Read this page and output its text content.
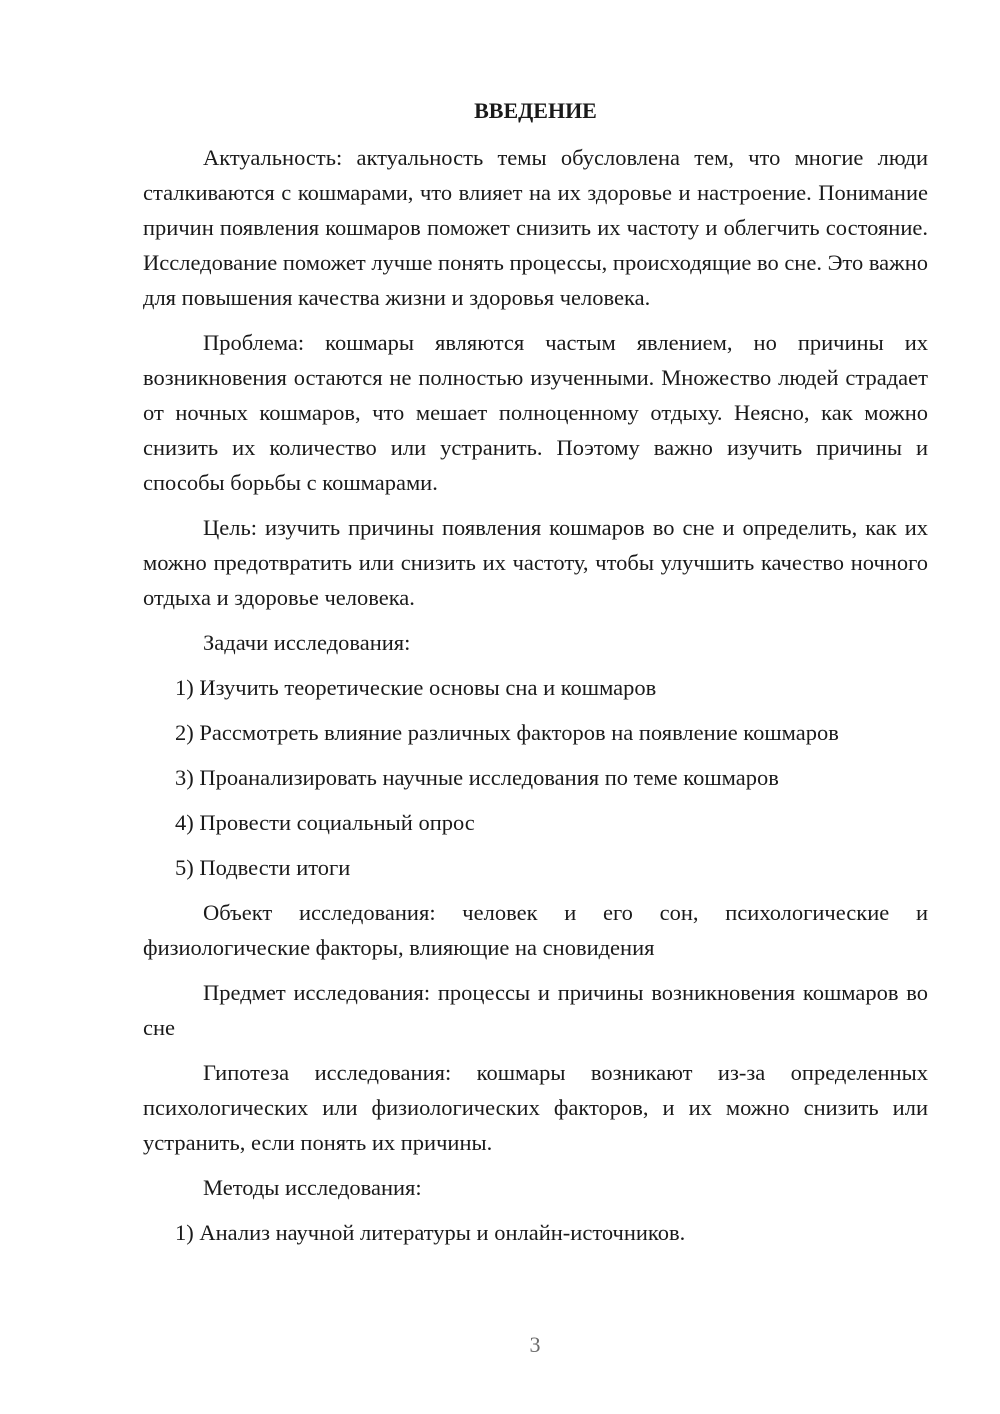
ВВЕДЕНИЕ

Актуальность: актуальность темы обусловлена тем, что многие люди сталкиваются с кошмарами, что влияет на их здоровье и настроение. Понимание причин появления кошмаров поможет снизить их частоту и облегчить состояние. Исследование поможет лучше понять процессы, происходящие во сне. Это важно для повышения качества жизни и здоровья человека.

Проблема: кошмары являются частым явлением, но причины их возникновения остаются не полностью изученными. Множество людей страдает от ночных кошмаров, что мешает полноценному отдыху. Неясно, как можно снизить их количество или устранить. Поэтому важно изучить причины и способы борьбы с кошмарами.

Цель: изучить причины появления кошмаров во сне и определить, как их можно предотвратить или снизить их частоту, чтобы улучшить качество ночного отдыха и здоровье человека.

Задачи исследования:

1) Изучить теоретические основы сна и кошмаров

2) Рассмотреть влияние различных факторов на появление кошмаров

3) Проанализировать научные исследования по теме кошмаров

4) Провести социальный опрос

5) Подвести итоги

Объект исследования: человек и его сон, психологические и физиологические факторы, влияющие на сновидения

Предмет исследования: процессы и причины возникновения кошмаров во сне

Гипотеза исследования: кошмары возникают из-за определенных психологических или физиологических факторов, и их можно снизить или устранить, если понять их причины.

Методы исследования:

1) Анализ научной литературы и онлайн-источников.

3
